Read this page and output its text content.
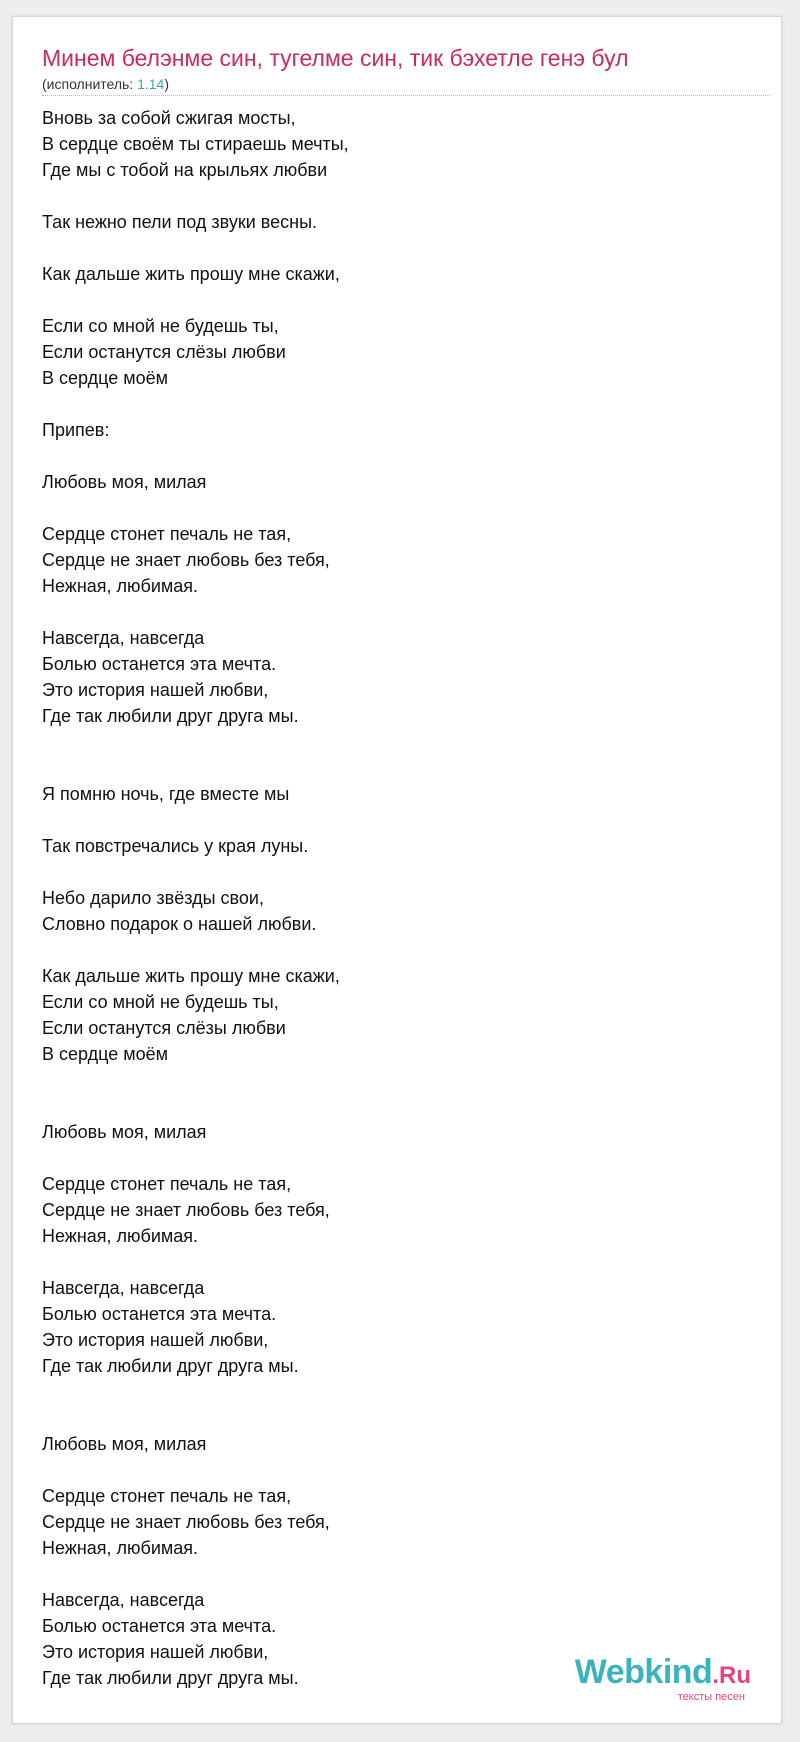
Минем белэнме син, тугелме син, тик бэхетле генэ бул
(исполнитель: 1.14)
Вновь за собой сжигая мосты,
В сердце своём ты стираешь мечты,
Где мы с тобой на крыльях любви
Так нежно пели под звуки весны.
Как дальше жить прошу мне скажи,
Если со мной не будешь ты,
Если останутся слёзы любви
В сердце моём
Припев:
Любовь моя, милая
Сердце стонет печаль не тая,
Сердце не знает любовь без тебя,
Нежная, любимая.
Навсегда, навсегда
Болью останется эта мечта.
Это история нашей любви,
Где так любили друг друга мы.
Я помню ночь, где вместе мы
Так повстречались у края луны.
Небо дарило звёзды свои,
Словно подарок о нашей любви.
Как дальше жить прошу мне скажи,
Если со мной не будешь ты,
Если останутся слёзы любви
В сердце моём
Любовь моя, милая
Сердце стонет печаль не тая,
Сердце не знает любовь без тебя,
Нежная, любимая.
Навсегда, навсегда
Болью останется эта мечта.
Это история нашей любви,
Где так любили друг друга мы.
Любовь моя, милая
Сердце стонет печаль не тая,
Сердце не знает любовь без тебя,
Нежная, любимая.
Навсегда, навсегда
Болью останется эта мечта.
Это история нашей любви,
Где так любили друг друга мы.	Webkind.Ru
тексты песен
